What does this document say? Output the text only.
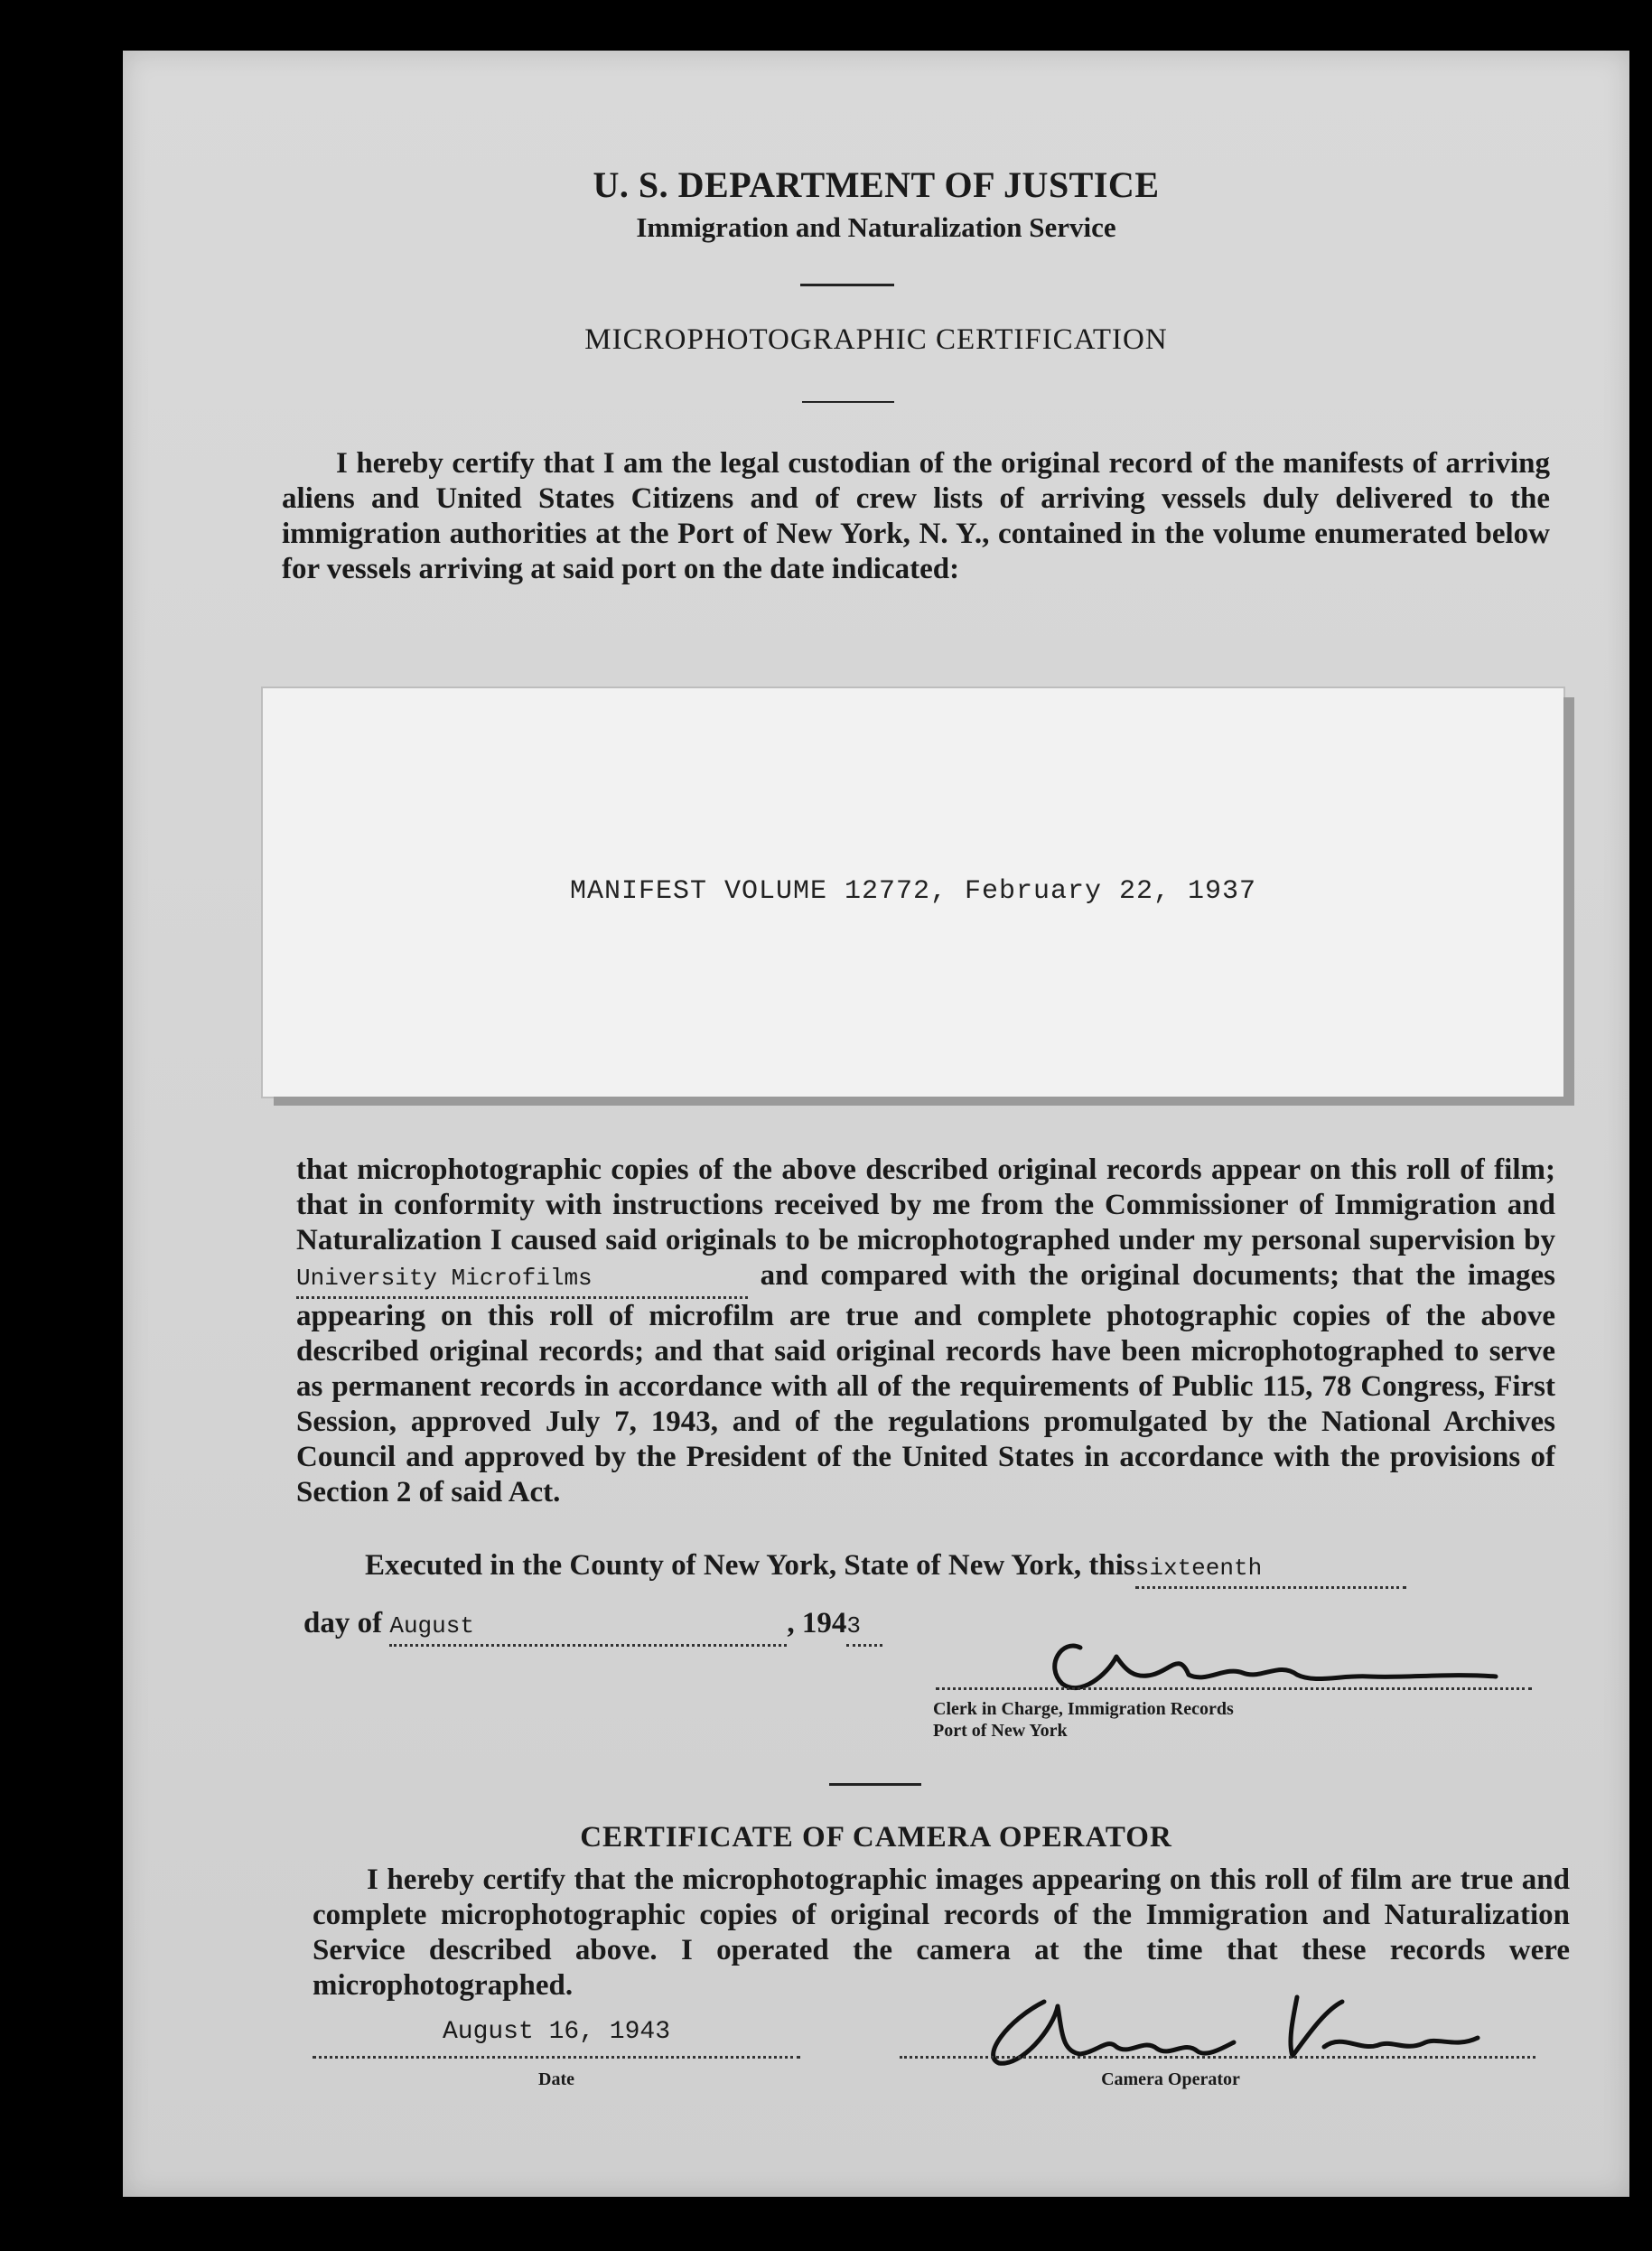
U. S. DEPARTMENT OF JUSTICE
Immigration and Naturalization Service
MICROPHOTOGRAPHIC CERTIFICATION
I hereby certify that I am the legal custodian of the original record of the manifests of arriving aliens and United States Citizens and of crew lists of arriving vessels duly delivered to the immigration authorities at the Port of New York, N. Y., contained in the volume enumerated below for vessels arriving at said port on the date indicated:
MANIFEST VOLUME 12772, February 22, 1937
that microphotographic copies of the above described original records appear on this roll of film; that in conformity with instructions received by me from the Commissioner of Immigration and Naturalization I caused said originals to be microphotographed under my personal supervision by University Microfilms	and compared with the original documents; that the images appearing on this roll of microfilm are true and complete photographic copies of the above described original records; and that said original records have been microphotographed to serve as permanent records in accordance with all of the requirements of Public 115, 78 Congress, First Session, approved July 7, 1943, and of the regulations promulgated by the National Archives Council and approved by the President of the United States in accordance with the provisions of Section 2 of said Act.
Executed in the County of New York, State of New York, thissixteenth
day of August	, 1943
Clerk in Charge, Immigration Records
Port of New York
CERTIFICATE OF CAMERA OPERATOR
I hereby certify that the microphotographic images appearing on this roll of film are true and complete microphotographic copies of original records of the Immigration and Naturalization Service described above. I operated the camera at the time that these records were microphotographed.
August 16, 1943
Date	Camera Operator
